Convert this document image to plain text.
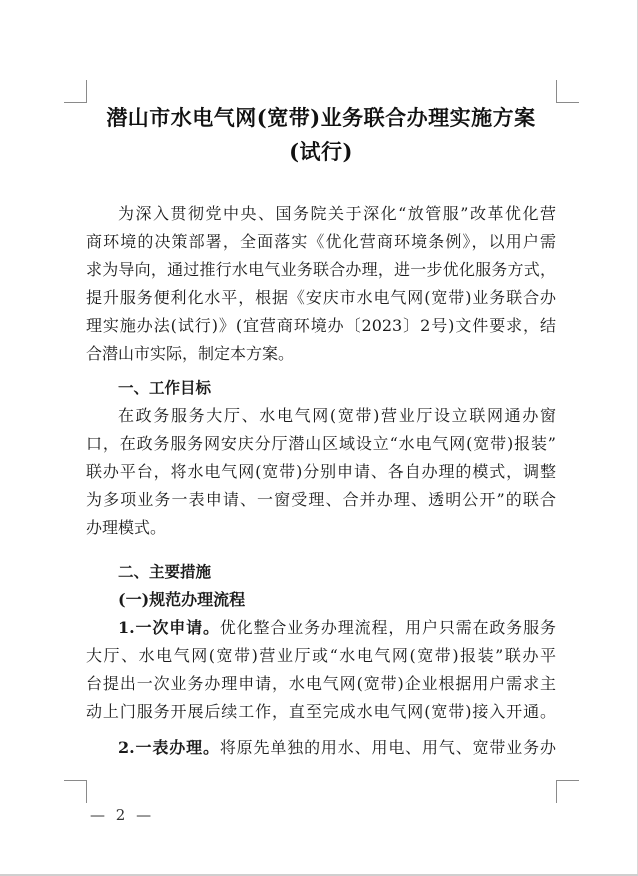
潜山市水电气网(宽带)业务联合办理实施方案
(试行)
为深入贯彻党中央、国务院关于深化“放管服”改革优化营
商环境的决策部署，全面落实《优化营商环境条例》，以用户需
求为导向，通过推行水电气业务联合办理，进一步优化服务方式，
提升服务便利化水平，根据《安庆市水电气网(宽带)业务联合办
理实施办法(试行)》(宜营商环境办〔2023〕2号)文件要求，结
合潜山市实际，制定本方案。
一、工作目标
在政务服务大厅、水电气网(宽带)营业厅设立联网通办窗
口，在政务服务网安庆分厅潜山区域设立“水电气网(宽带)报装”
联办平台，将水电气网(宽带)分别申请、各自办理的模式，调整
为多项业务一表申请、一窗受理、合并办理、透明公开”的联合
办理模式。
二、主要措施
(一)规范办理流程
1.一次申请。优化整合业务办理流程，用户只需在政务服务
大厅、水电气网(宽带)营业厅或“水电气网(宽带)报装”联办平
台提出一次业务办理申请，水电气网(宽带)企业根据用户需求主
动上门服务开展后续工作，直至完成水电气网(宽带)接入开通。
2.一表办理。将原先单独的用水、用电、用气、宽带业务办
— 2 —
